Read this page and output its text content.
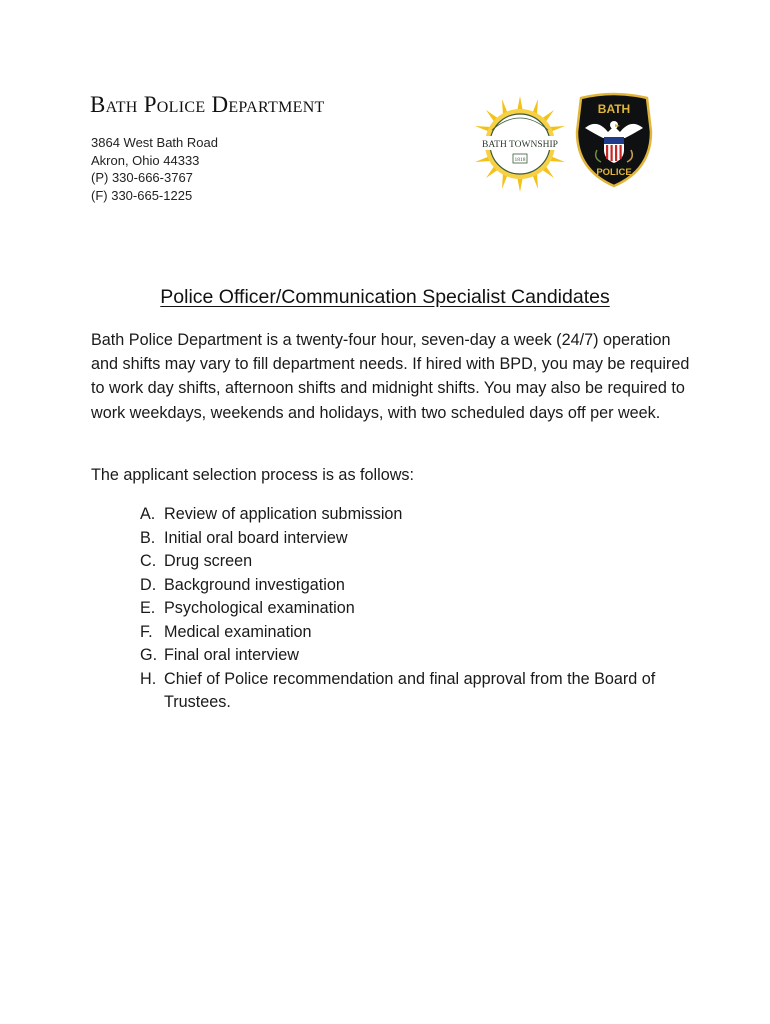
Bath Police Department
3864 West Bath Road
Akron, Ohio 44333
(P) 330-666-3767
(F) 330-665-1225
BATH TOWNSHIP
1818
BATH
POLICE
Police Officer/Communication Specialist Candidates
Bath Police Department is a twenty-four hour, seven-day a week (24/7) operation and shifts may vary to fill department needs. If hired with BPD, you may be required to work day shifts, afternoon shifts and midnight shifts. You may also be required to work weekdays, weekends and holidays, with two scheduled days off per week.
The applicant selection process is as follows:
A. Review of application submission
B. Initial oral board interview
C. Drug screen
D. Background investigation
E. Psychological examination
F. Medical examination
G. Final oral interview
H. Chief of Police recommendation and final approval from the Board of Trustees.
